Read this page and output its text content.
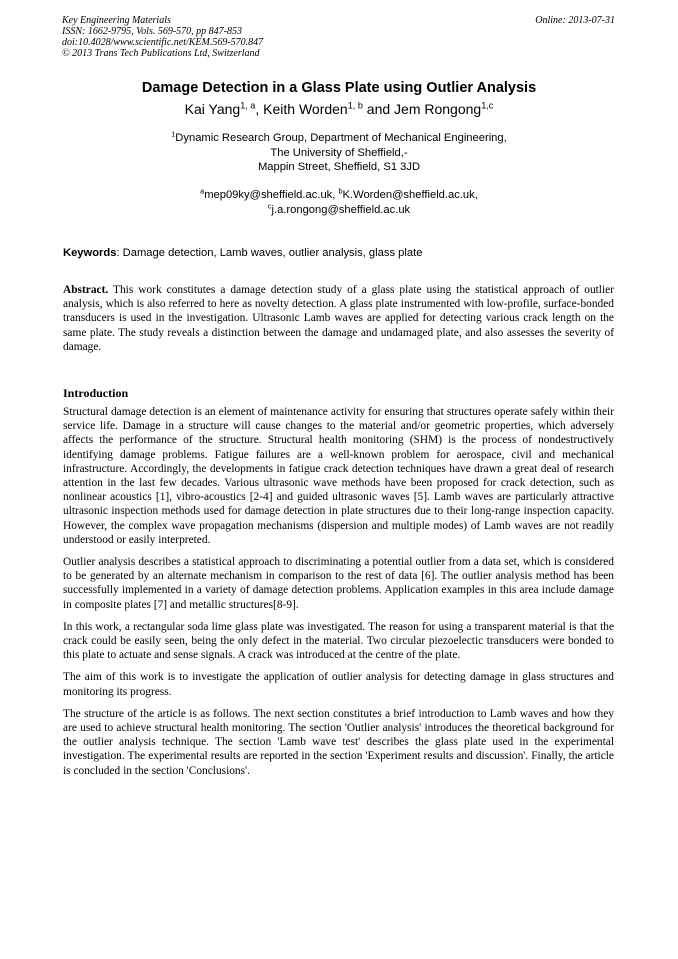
Key Engineering Materials
ISSN: 1662-9795, Vols. 569-570, pp 847-853
doi:10.4028/www.scientific.net/KEM.569-570.847
© 2013 Trans Tech Publications Ltd, Switzerland
Online: 2013-07-31
Damage Detection in a Glass Plate using Outlier Analysis
Kai Yang$^{1, a}$, Keith Worden$^{1, b}$ and Jem Rongong$^{1,c}$
$^1$Dynamic Research Group, Department of Mechanical Engineering,
The University of Sheffield,-
Mappin Street, Sheffield, S1 3JD
$^a$mep09ky@sheffield.ac.uk, $^b$K.Worden@sheffield.ac.uk,
$^c$j.a.rongong@sheffield.ac.uk
Keywords: Damage detection, Lamb waves, outlier analysis, glass plate
Abstract. This work constitutes a damage detection study of a glass plate using the statistical approach of outlier analysis, which is also referred to here as novelty detection. A glass plate instrumented with low-profile, surface-bonded transducers is used in the investigation. Ultrasonic Lamb waves are applied for detecting various crack length on the same plate. The study reveals a distinction between the damage and undamaged plate, and also assesses the severity of damage.
Introduction

Structural damage detection is an element of maintenance activity for ensuring that structures operate safely within their service life. Damage in a structure will cause changes to the material and/or geometric properties, which adversely affects the performance of the structure. Structural health monitoring (SHM) is the process of nondestructively identifying damage problems. Fatigue failures are a well-known problem for aerospace, civil and mechanical infrastructure. Accordingly, the developments in fatigue crack detection techniques have drawn a great deal of research attention in the last few decades. Various ultrasonic wave methods have been proposed for crack detection, such as nonlinear acoustics [1], vibro-acoustics [2-4] and guided ultrasonic waves [5]. Lamb waves are particularly attractive ultrasonic inspection methods used for damage detection in plate structures due to their long-range inspection capacity. However, the complex wave propagation mechanisms (dispersion and multiple modes) of Lamb waves are not readily understood or easily interpreted.

Outlier analysis describes a statistical approach to discriminating a potential outlier from a data set, which is considered to be generated by an alternate mechanism in comparison to the rest of data [6]. The outlier analysis method has been successfully implemented in a variety of damage detection problems. Application examples in this area include damage in composite plates [7] and metallic structures[8-9].

In this work, a rectangular soda lime glass plate was investigated. The reason for using a transparent material is that the crack could be easily seen, being the only defect in the material. Two circular piezoelectic transducers were bonded to this plate to actuate and sense signals. A crack was introduced at the centre of the plate.

The aim of this work is to investigate the application of outlier analysis for detecting damage in glass structures and monitoring its progress.

The structure of the article is as follows. The next section constitutes a brief introduction to Lamb waves and how they are used to achieve structural health monitoring. The section 'Outlier analysis' introduces the theoretical background for the outlier analysis technique. The section 'Lamb wave test' describes the glass plate used in the experimental investigation. The experimental results are reported in the section 'Experiment results and discussion'. Finally, the article is concluded in the section 'Conclusions'.
